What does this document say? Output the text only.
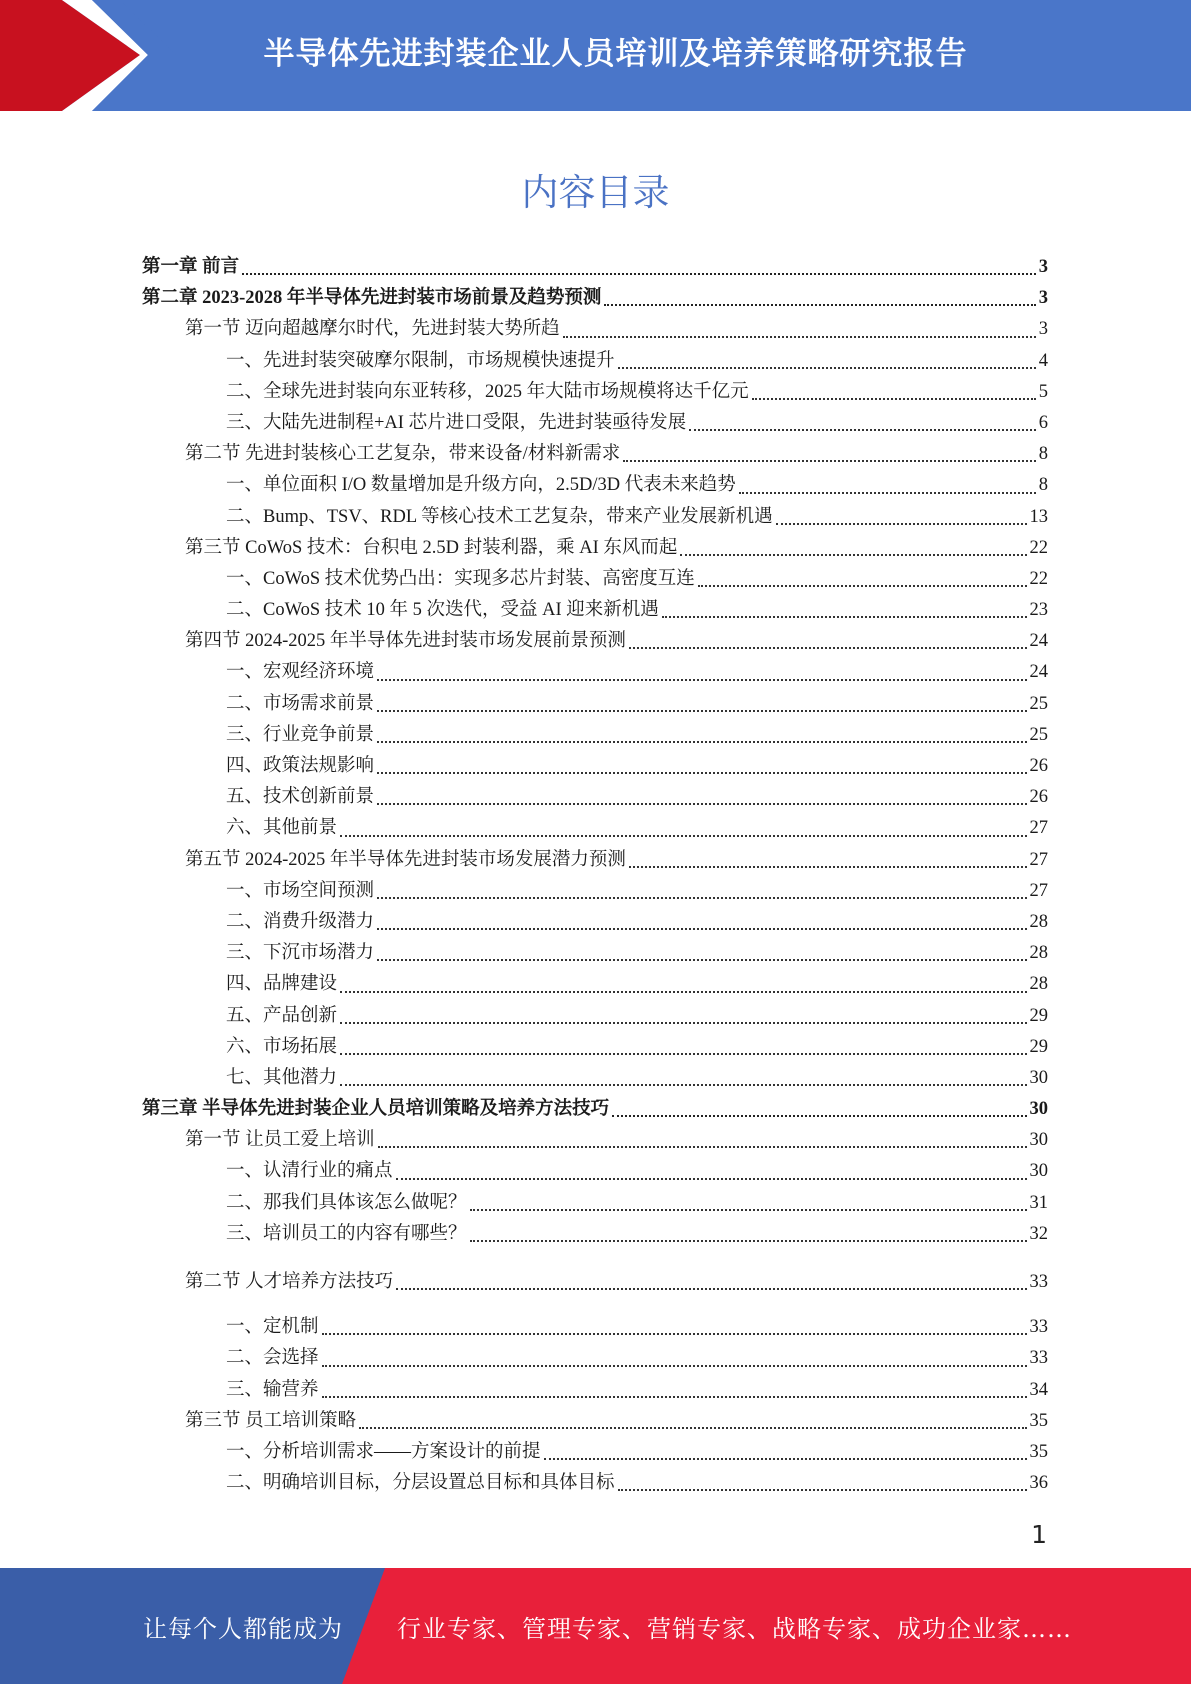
半导体先进封装企业人员培训及培养策略研究报告
内容目录
第一章 前言	3
第二章 2023-2028 年半导体先进封装市场前景及趋势预测	3
第一节 迈向超越摩尔时代，先进封装大势所趋	3
一、先进封装突破摩尔限制，市场规模快速提升	4
二、全球先进封装向东亚转移，2025 年大陆市场规模将达千亿元	5
三、大陆先进制程+AI 芯片进口受限，先进封装亟待发展	6
第二节 先进封装核心工艺复杂，带来设备/材料新需求	8
一、单位面积 I/O 数量增加是升级方向，2.5D/3D 代表未来趋势	8
二、Bump、TSV、RDL 等核心技术工艺复杂，带来产业发展新机遇	13
第三节 CoWoS 技术：台积电 2.5D 封装利器，乘 AI 东风而起	22
一、CoWoS 技术优势凸出：实现多芯片封装、高密度互连	22
二、CoWoS 技术 10 年 5 次迭代，受益 AI 迎来新机遇	23
第四节 2024-2025 年半导体先进封装市场发展前景预测	24
一、宏观经济环境	24
二、市场需求前景	25
三、行业竞争前景	25
四、政策法规影响	26
五、技术创新前景	26
六、其他前景	27
第五节 2024-2025 年半导体先进封装市场发展潜力预测	27
一、市场空间预测	27
二、消费升级潜力	28
三、下沉市场潜力	28
四、品牌建设	28
五、产品创新	29
六、市场拓展	29
七、其他潜力	30
第三章 半导体先进封装企业人员培训策略及培养方法技巧	30
第一节 让员工爱上培训	30
一、认清行业的痛点	30
二、那我们具体该怎么做呢？	31
三、培训员工的内容有哪些？	32
第二节 人才培养方法技巧	33
一、定机制	33
二、会选择	33
三、输营养	34
第三节 员工培训策略	35
一、分析培训需求——方案设计的前提	35
二、明确培训目标，分层设置总目标和具体目标	36
1
让每个人都能成为 行业专家、管理专家、营销专家、战略专家、成功企业家……
